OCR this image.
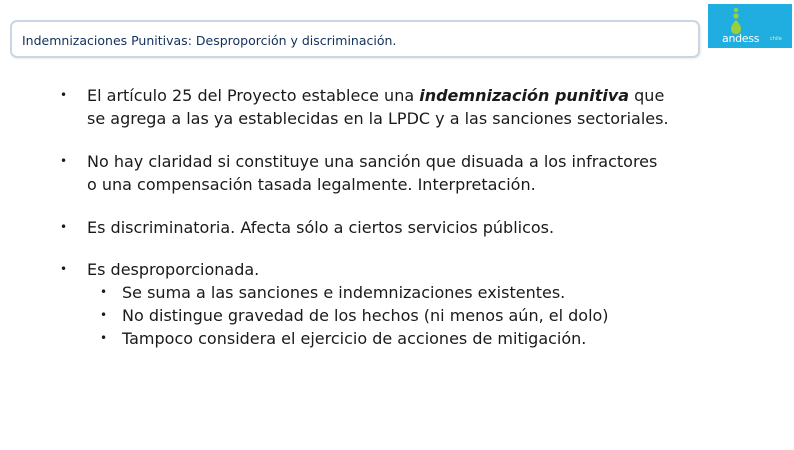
Indemnizaciones Punitivas: Desproporción y discriminación.	andess chile
• El artículo 25 del Proyecto establece una indemnización punitiva que
se agrega a las ya establecidas en la LPDC y a las sanciones sectoriales.
• No hay claridad si constituye una sanción que disuada a los infractores
o una compensación tasada legalmente. Interpretación.
• Es discriminatoria. Afecta sólo a ciertos servicios públicos.
• Es desproporcionada.
• Se suma a las sanciones e indemnizaciones existentes.
• No distingue gravedad de los hechos (ni menos aún, el dolo)
• Tampoco considera el ejercicio de acciones de mitigación.
